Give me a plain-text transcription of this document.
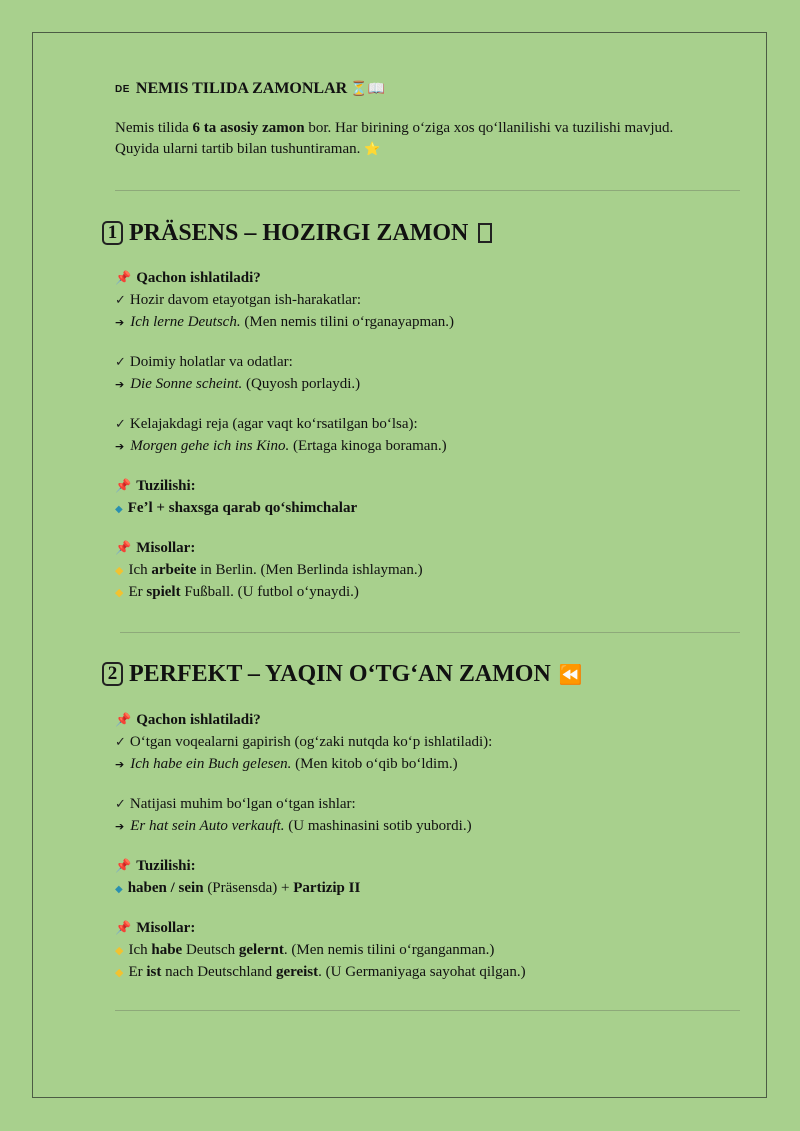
DE NEMIS TILIDA ZAMONLAR ⏳📖
Nemis tilida 6 ta asosiy zamon bor. Har birining oʻziga xos qoʻllanilishi va tuzilishi mavjud.
Quyida ularni tartib bilan tushuntiraman. ⭐
1 PRÄSENS – HOZIRGI ZAMON
📌 Qachon ishlatiladi?
✓ Hozir davom etayotgan ish-harakatlar:
➔ Ich lerne Deutsch. (Men nemis tilini oʻrganayapman.)
✓ Doimiy holatlar va odatlar:
➔ Die Sonne scheint. (Quyosh porlaydi.)
✓ Kelajakdagi reja (agar vaqt koʻrsatilgan boʻlsa):
➔ Morgen gehe ich ins Kino. (Ertaga kinoga boraman.)
📌 Tuzilishi:
◆ Feʼl + shaxsga qarab qoʻshimchalar
📌 Misollar:
◆ Ich arbeite in Berlin. (Men Berlinda ishlayman.)
◆ Er spielt Fußball. (U futbol oʻynaydi.)
2 PERFEKT – YAQIN OʻTGʻAN ZAMON ⏪
📌 Qachon ishlatiladi?
✓ Oʻtgan voqealarni gapirish (ogʻzaki nutqda koʻp ishlatiladi):
➔ Ich habe ein Buch gelesen. (Men kitob oʻqib boʻldim.)
✓ Natijasi muhim boʻlgan oʻtgan ishlar:
➔ Er hat sein Auto verkauft. (U mashinasini sotib yubordi.)
📌 Tuzilishi:
◆ haben / sein (Präsensda) + Partizip II
📌 Misollar:
◆ Ich habe Deutsch gelernt. (Men nemis tilini oʻrganganman.)
◆ Er ist nach Deutschland gereist. (U Germaniyaga sayohat qilgan.)
